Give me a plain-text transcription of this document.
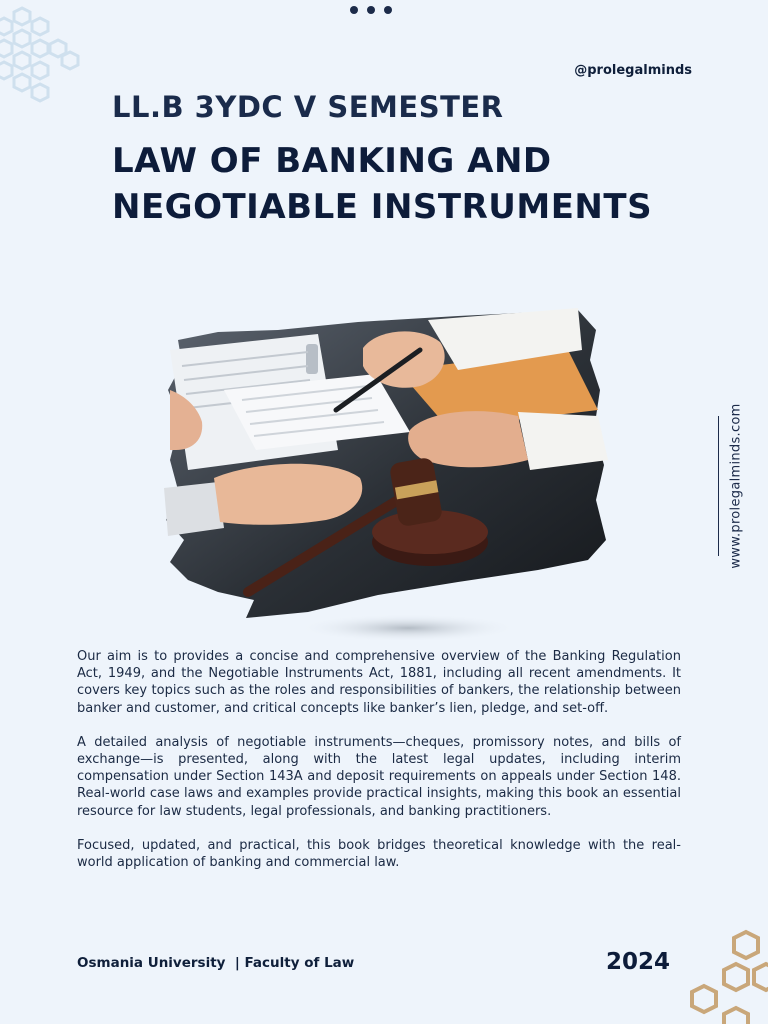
@prolegalminds
LL.B 3YDC V SEMESTER
LAW OF BANKING AND NEGOTIABLE INSTRUMENTS
www.prolegalminds.com

Our aim is to provides a concise and comprehensive overview of the Banking Regulation Act, 1949, and the Negotiable Instruments Act, 1881, including all recent amendments. It covers key topics such as the roles and responsibilities of bankers, the relationship between banker and customer, and critical concepts like banker’s lien, pledge, and set-off.

A detailed analysis of negotiable instruments—cheques, promissory notes, and bills of exchange—is presented, along with the latest legal updates, including interim compensation under Section 143A and deposit requirements on appeals under Section 148. Real-world case laws and examples provide practical insights, making this book an essential resource for law students, legal professionals, and banking practitioners.

Focused, updated, and practical, this book bridges theoretical knowledge with the real-world application of banking and commercial law.

Osmania University  | Faculty of Law	2024
